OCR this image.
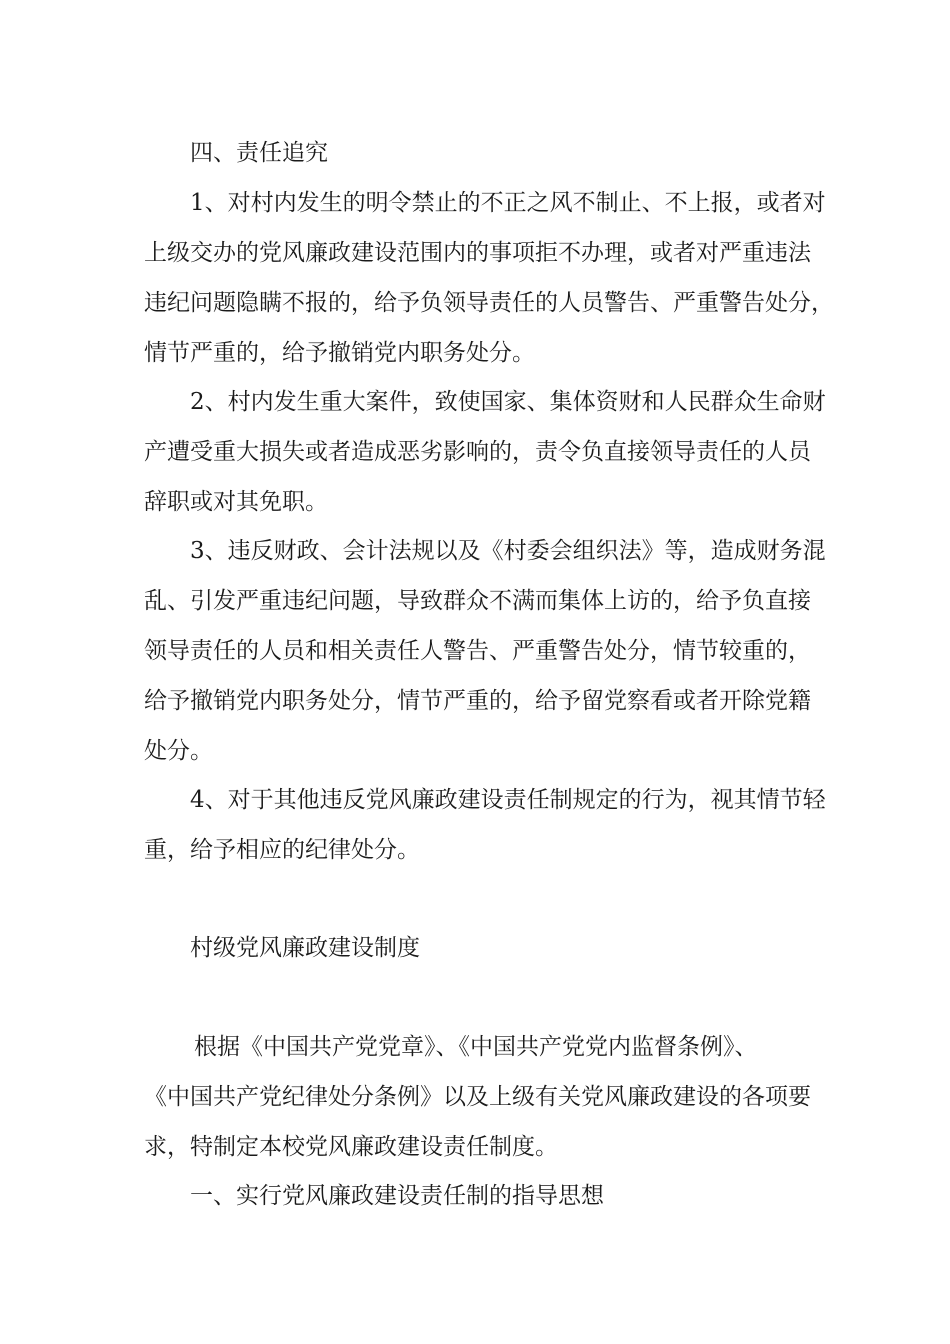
四、责任追究

1、对村内发生的明令禁止的不正之风不制止、不上报，或者对

上级交办的党风廉政建设范围内的事项拒不办理，或者对严重违法

违纪问题隐瞒不报的，给予负领导责任的人员警告、严重警告处分，

情节严重的，给予撤销党内职务处分。

2、村内发生重大案件，致使国家、集体资财和人民群众生命财

产遭受重大损失或者造成恶劣影响的，责令负直接领导责任的人员

辞职或对其免职。

3、违反财政、会计法规以及《村委会组织法》等，造成财务混

乱、引发严重违纪问题，导致群众不满而集体上访的，给予负直接

领导责任的人员和相关责任人警告、严重警告处分，情节较重的，

给予撤销党内职务处分，情节严重的，给予留党察看或者开除党籍

处分。

4、对于其他违反党风廉政建设责任制规定的行为，视其情节轻

重，给予相应的纪律处分。

村级党风廉政建设制度

根据《中国共产党党章》、《中国共产党党内监督条例》、

《中国共产党纪律处分条例》以及上级有关党风廉政建设的各项要

求，特制定本校党风廉政建设责任制度。

一、实行党风廉政建设责任制的指导思想
